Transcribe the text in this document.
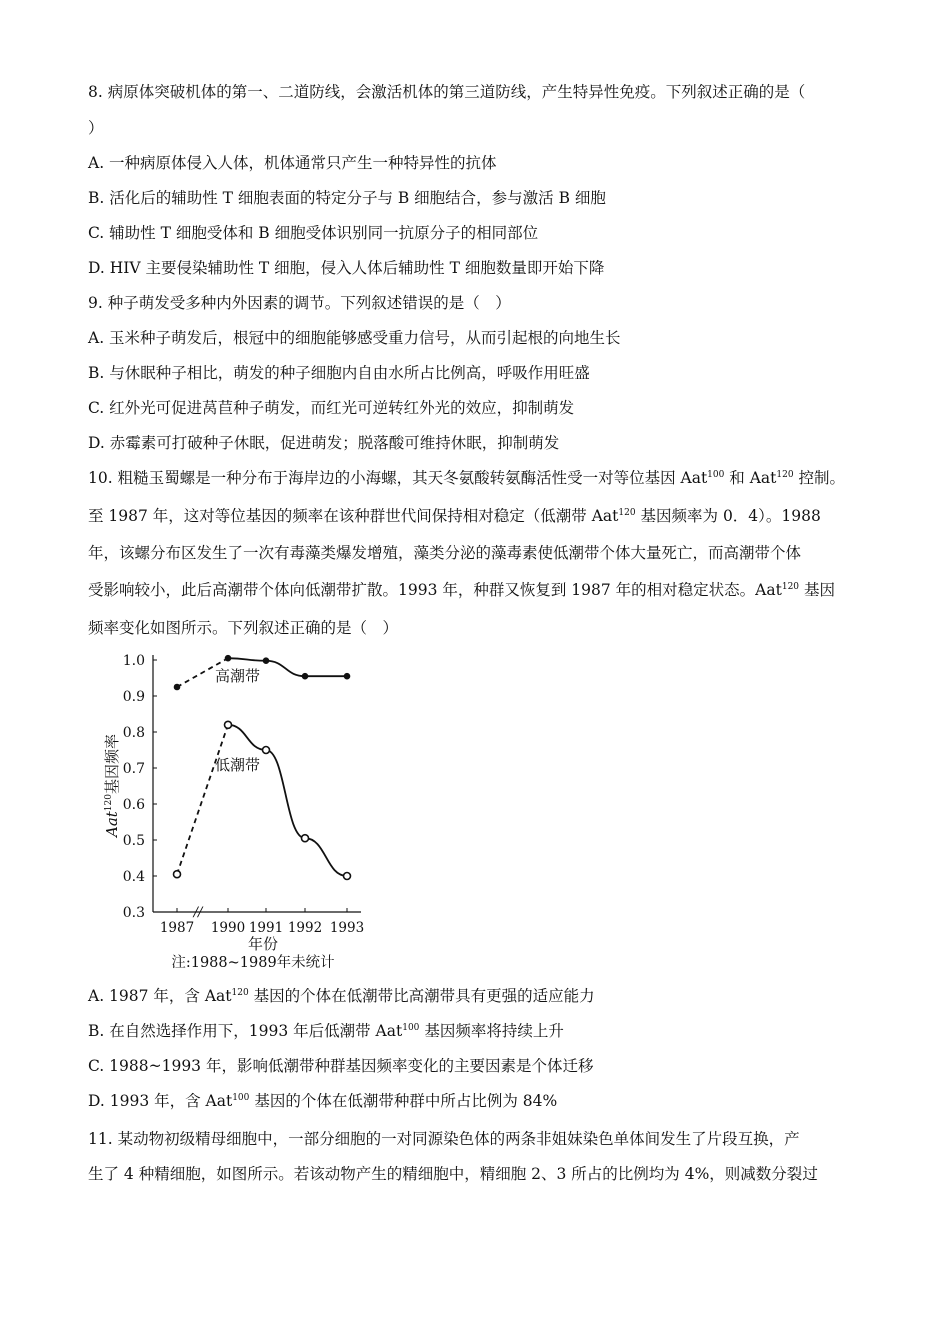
8. 病原体突破机体的第一、二道防线，会激活机体的第三道防线，产生特异性免疫。下列叙述正确的是（
）
A. 一种病原体侵入人体，机体通常只产生一种特异性的抗体
B. 活化后的辅助性 T 细胞表面的特定分子与 B 细胞结合，参与激活 B 细胞
C. 辅助性 T 细胞受体和 B 细胞受体识别同一抗原分子的相同部位
D. HIV 主要侵染辅助性 T 细胞，侵入人体后辅助性 T 细胞数量即开始下降
9. 种子萌发受多种内外因素的调节。下列叙述错误的是（　）
A. 玉米种子萌发后，根冠中的细胞能够感受重力信号，从而引起根的向地生长
B. 与休眠种子相比，萌发的种子细胞内自由水所占比例高，呼吸作用旺盛
C. 红外光可促进莴苣种子萌发，而红光可逆转红外光的效应，抑制萌发
D. 赤霉素可打破种子休眠，促进萌发；脱落酸可维持休眠，抑制萌发
10. 粗糙玉蜀螺是一种分布于海岸边的小海螺，其天冬氨酸转氨酶活性受一对等位基因 Aat$^{100}$ 和 Aat$^{120}$ 控制。
至 1987 年，这对等位基因的频率在该种群世代间保持相对稳定（低潮带 Aat$^{120}$ 基因频率为 0．4）。1988
年，该螺分布区发生了一次有毒藻类爆发增殖，藻类分泌的藻毒素使低潮带个体大量死亡，而高潮带个体
受影响较小，此后高潮带个体向低潮带扩散。1993 年，种群又恢复到 1987 年的相对稳定状态。Aat$^{120}$ 基因
频率变化如图所示。下列叙述正确的是（　）
1.0
0.9
0.8
0.7
0.6
0.5
0.4
0.3
1987 1990 1991 1992 1993
//
高潮带
低潮带
Aat$^{120}$基因频率
年份
注:1988~1989年未统计
A. 1987 年，含 Aat$^{120}$ 基因的个体在低潮带比高潮带具有更强的适应能力
B. 在自然选择作用下，1993 年后低潮带 Aat$^{100}$ 基因频率将持续上升
C. 1988~1993 年，影响低潮带种群基因频率变化的主要因素是个体迁移
D. 1993 年，含 Aat$^{100}$ 基因的个体在低潮带种群中所占比例为 84%
11. 某动物初级精母细胞中，一部分细胞的一对同源染色体的两条非姐妹染色单体间发生了片段互换，产
生了 4 种精细胞，如图所示。若该动物产生的精细胞中，精细胞 2、3 所占的比例均为 4%，则减数分裂过
